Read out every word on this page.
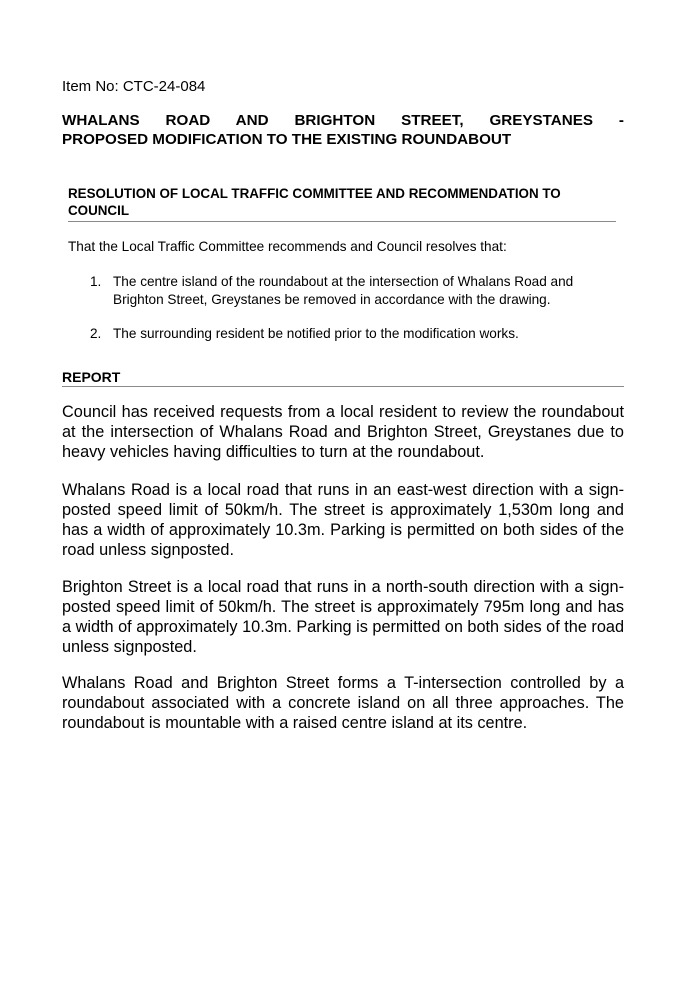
Item No: CTC-24-084
WHALANS ROAD AND BRIGHTON STREET, GREYSTANES -
PROPOSED MODIFICATION TO THE EXISTING ROUNDABOUT
RESOLUTION OF LOCAL TRAFFIC COMMITTEE AND RECOMMENDATION TO COUNCIL
That the Local Traffic Committee recommends and Council resolves that:
1. The centre island of the roundabout at the intersection of Whalans Road and Brighton Street, Greystanes be removed in accordance with the drawing.
2. The surrounding resident be notified prior to the modification works.
REPORT
Council has received requests from a local resident to review the roundabout at the intersection of Whalans Road and Brighton Street, Greystanes due to heavy vehicles having difficulties to turn at the roundabout.
Whalans Road is a local road that runs in an east-west direction with a sign-posted speed limit of 50km/h. The street is approximately 1,530m long and has a width of approximately 10.3m. Parking is permitted on both sides of the road unless signposted.
Brighton Street is a local road that runs in a north-south direction with a sign-posted speed limit of 50km/h. The street is approximately 795m long and has a width of approximately 10.3m. Parking is permitted on both sides of the road unless signposted.
Whalans Road and Brighton Street forms a T-intersection controlled by a roundabout associated with a concrete island on all three approaches. The roundabout is mountable with a raised centre island at its centre.
